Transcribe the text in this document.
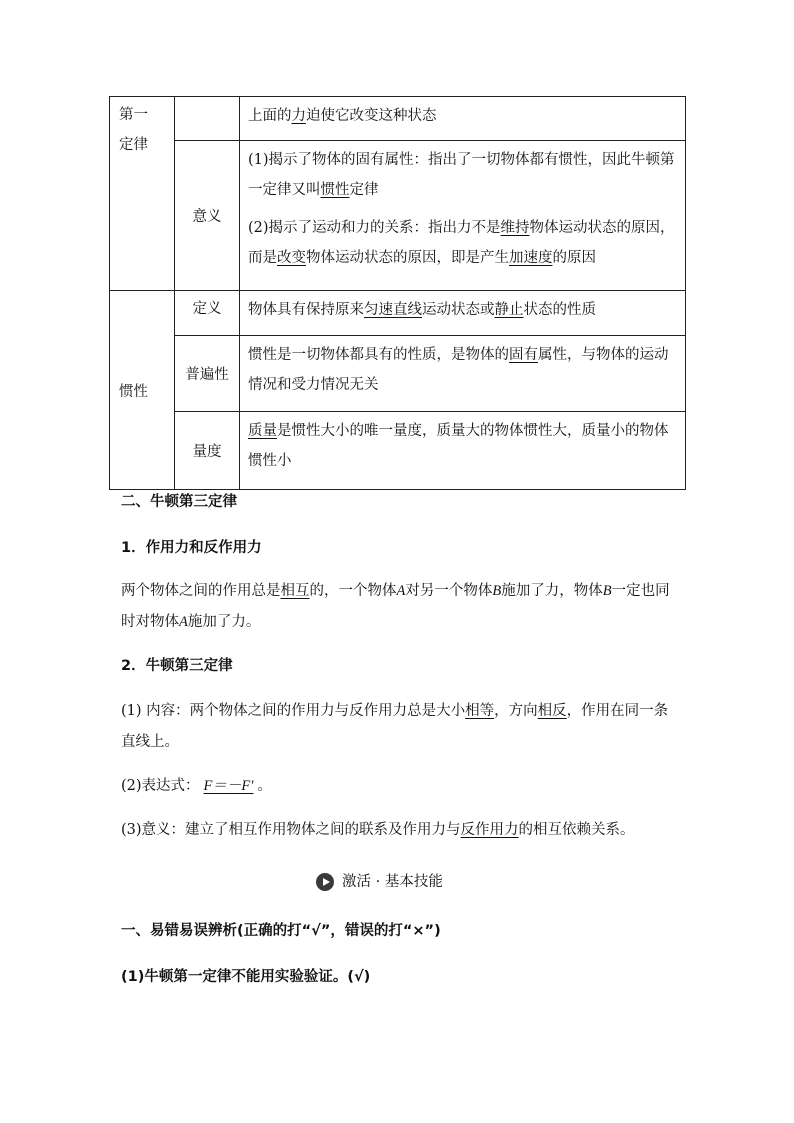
第一定律		上面的力迫使它改变这种状态
	意义	(1)揭示了物体的固有属性：指出了一切物体都有惯性，因此牛顿第一定律又叫惯性定律

(2)揭示了运动和力的关系：指出力不是维持物体运动状态的原因，而是改变物体运动状态的原因，即是产生加速度的原因

惯性	定义	物体具有保持原来匀速直线运动状态或静止状态的性质
	普遍性	惯性是一切物体都具有的性质，是物体的固有属性，与物体的运动情况和受力情况无关
	量度	质量是惯性大小的唯一量度，质量大的物体惯性大，质量小的物体惯性小
二、牛顿第三定律
1．作用力和反作用力
两个物体之间的作用总是相互的，一个物体A对另一个物体B施加了力，物体B一定也同时对物体A施加了力。
2．牛顿第三定律
(1) 内容：两个物体之间的作用力与反作用力总是大小相等，方向相反，作用在同一条直线上。
(2)表达式： F＝－F′ 。
(3)意义：建立了相互作用物体之间的联系及作用力与反作用力的相互依赖关系。
激活 · 基本技能
一、易错易误辨析(正确的打“√”，错误的打“×”)
(1)牛顿第一定律不能用实验验证。(√)
